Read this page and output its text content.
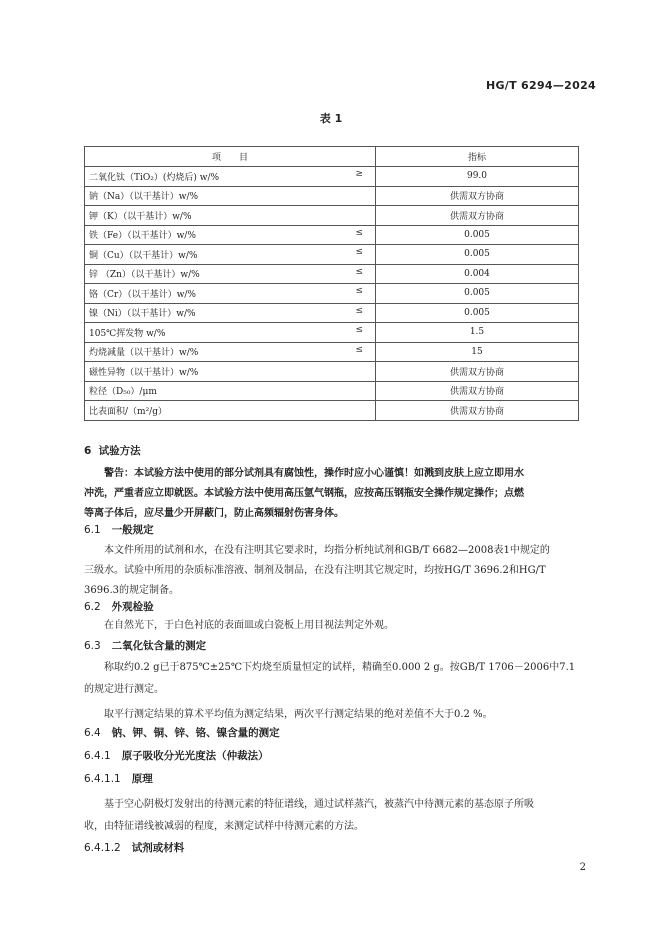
HG/T 6294—2024
表 1
项　　目	指标
二氧化钛（TiO₂）(灼烧后) w/% ≥	99.0
钠（Na）（以干基计）w/%	供需双方协商
钾（K）（以干基计）w/%	供需双方协商
铁（Fe）（以干基计）w/% ≤	0.005
铜（Cu）（以干基计）w/% ≤	0.005
锌 （Zn）（以干基计）w/% ≤	0.004
铬（Cr）（以干基计）w/% ≤	0.005
镍（Ni）（以干基计）w/% ≤	0.005
105℃挥发物 w/% ≤	1.5
灼烧减量（以干基计）w/% ≤	15
磁性异物（以干基计）w/%	供需双方协商
粒径（D₅₀）/μm	供需双方协商
比表面积/（m²/g）	供需双方协商
6 试验方法
警告：本试验方法中使用的部分试剂具有腐蚀性，操作时应小心谨慎！如溅到皮肤上应立即用水
冲洗，严重者应立即就医。本试验方法中使用高压氩气钢瓶，应按高压钢瓶安全操作规定操作；点燃
等离子体后，应尽量少开屏蔽门，防止高频辐射伤害身体。
6.1 一般规定
本文件所用的试剂和水，在没有注明其它要求时，均指分析纯试剂和GB/T 6682—2008表1中规定的
三级水。试验中所用的杂质标准溶液、制剂及制品，在没有注明其它规定时，均按HG/T 3696.2和HG/T
3696.3的规定制备。
6.2 外观检验
在自然光下，于白色衬底的表面皿或白瓷板上用目视法判定外观。
6.3 二氧化钛含量的测定
称取约0.2 g已于875℃±25℃下灼烧至质量恒定的试样，精确至0.000 2 g。按GB/T 1706－2006中7.1
的规定进行测定。
取平行测定结果的算术平均值为测定结果，两次平行测定结果的绝对差值不大于0.2 %。
6.4 钠、钾、铜、锌、铬、镍含量的测定
6.4.1 原子吸收分光光度法（仲裁法）
6.4.1.1 原理
基于空心阴极灯发射出的待测元素的特征谱线，通过试样蒸汽，被蒸汽中待测元素的基态原子所吸
收，由特征谱线被减弱的程度，来测定试样中待测元素的方法。
6.4.1.2 试剂或材料
2
